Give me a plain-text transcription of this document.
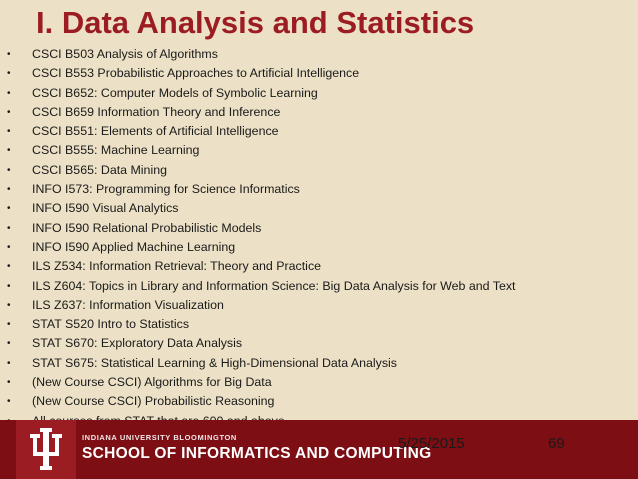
I. Data Analysis and Statistics
• CSCI B503 Analysis of Algorithms
• CSCI B553 Probabilistic Approaches to Artificial Intelligence
• CSCI B652: Computer Models of Symbolic Learning
• CSCI B659 Information Theory and Inference
• CSCI B551: Elements of Artificial Intelligence
• CSCI B555: Machine Learning
• CSCI B565: Data Mining
• INFO I573: Programming for Science Informatics
• INFO I590 Visual Analytics
• INFO I590 Relational Probabilistic Models
• INFO I590 Applied Machine Learning
• ILS Z534: Information Retrieval: Theory and Practice
• ILS Z604: Topics in Library and Information Science: Big Data Analysis for Web and Text
• ILS Z637: Information Visualization
• STAT S520 Intro to Statistics
• STAT S670: Exploratory Data Analysis
• STAT S675: Statistical Learning & High-Dimensional Data Analysis
• (New Course CSCI) Algorithms for Big Data
• (New Course CSCI) Probabilistic Reasoning
INDIANA UNIVERSITY BLOOMINGTON
SCHOOL OF INFORMATICS AND COMPUTING
5/25/2015	69
